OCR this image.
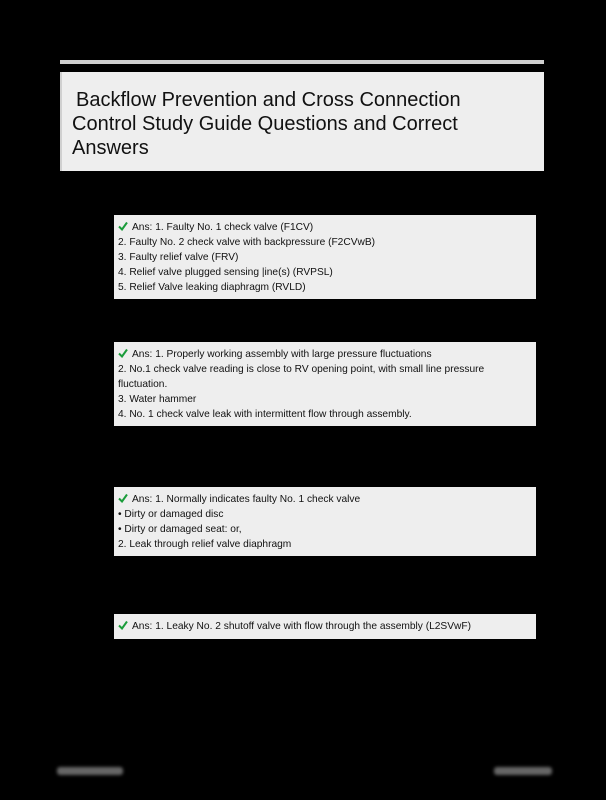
Backflow Prevention and Cross Connection
Control Study Guide Questions and Correct
Answers
Ans: 1. Faulty No. 1 check valve (F1CV)
2. Faulty No. 2 check valve with backpressure (F2CVwB)
3. Faulty relief valve (FRV)
4. Relief valve plugged sensing |ine(s) (RVPSL)
5. Relief Valve leaking diaphragm (RVLD)
Ans: 1. Properly working assembly with large pressure fluctuations
2. No.1 check valve reading is close to RV opening point, with small line pressure fluctuation.
3. Water hammer
4. No. 1 check valve leak with intermittent flow through assembly.
Ans: 1. Normally indicates faulty No. 1 check valve
• Dirty or damaged disc
• Dirty or damaged seat: or,
2. Leak through relief valve diaphragm
Ans: 1. Leaky No. 2 shutoff valve with flow through the assembly (L2SVwF)
